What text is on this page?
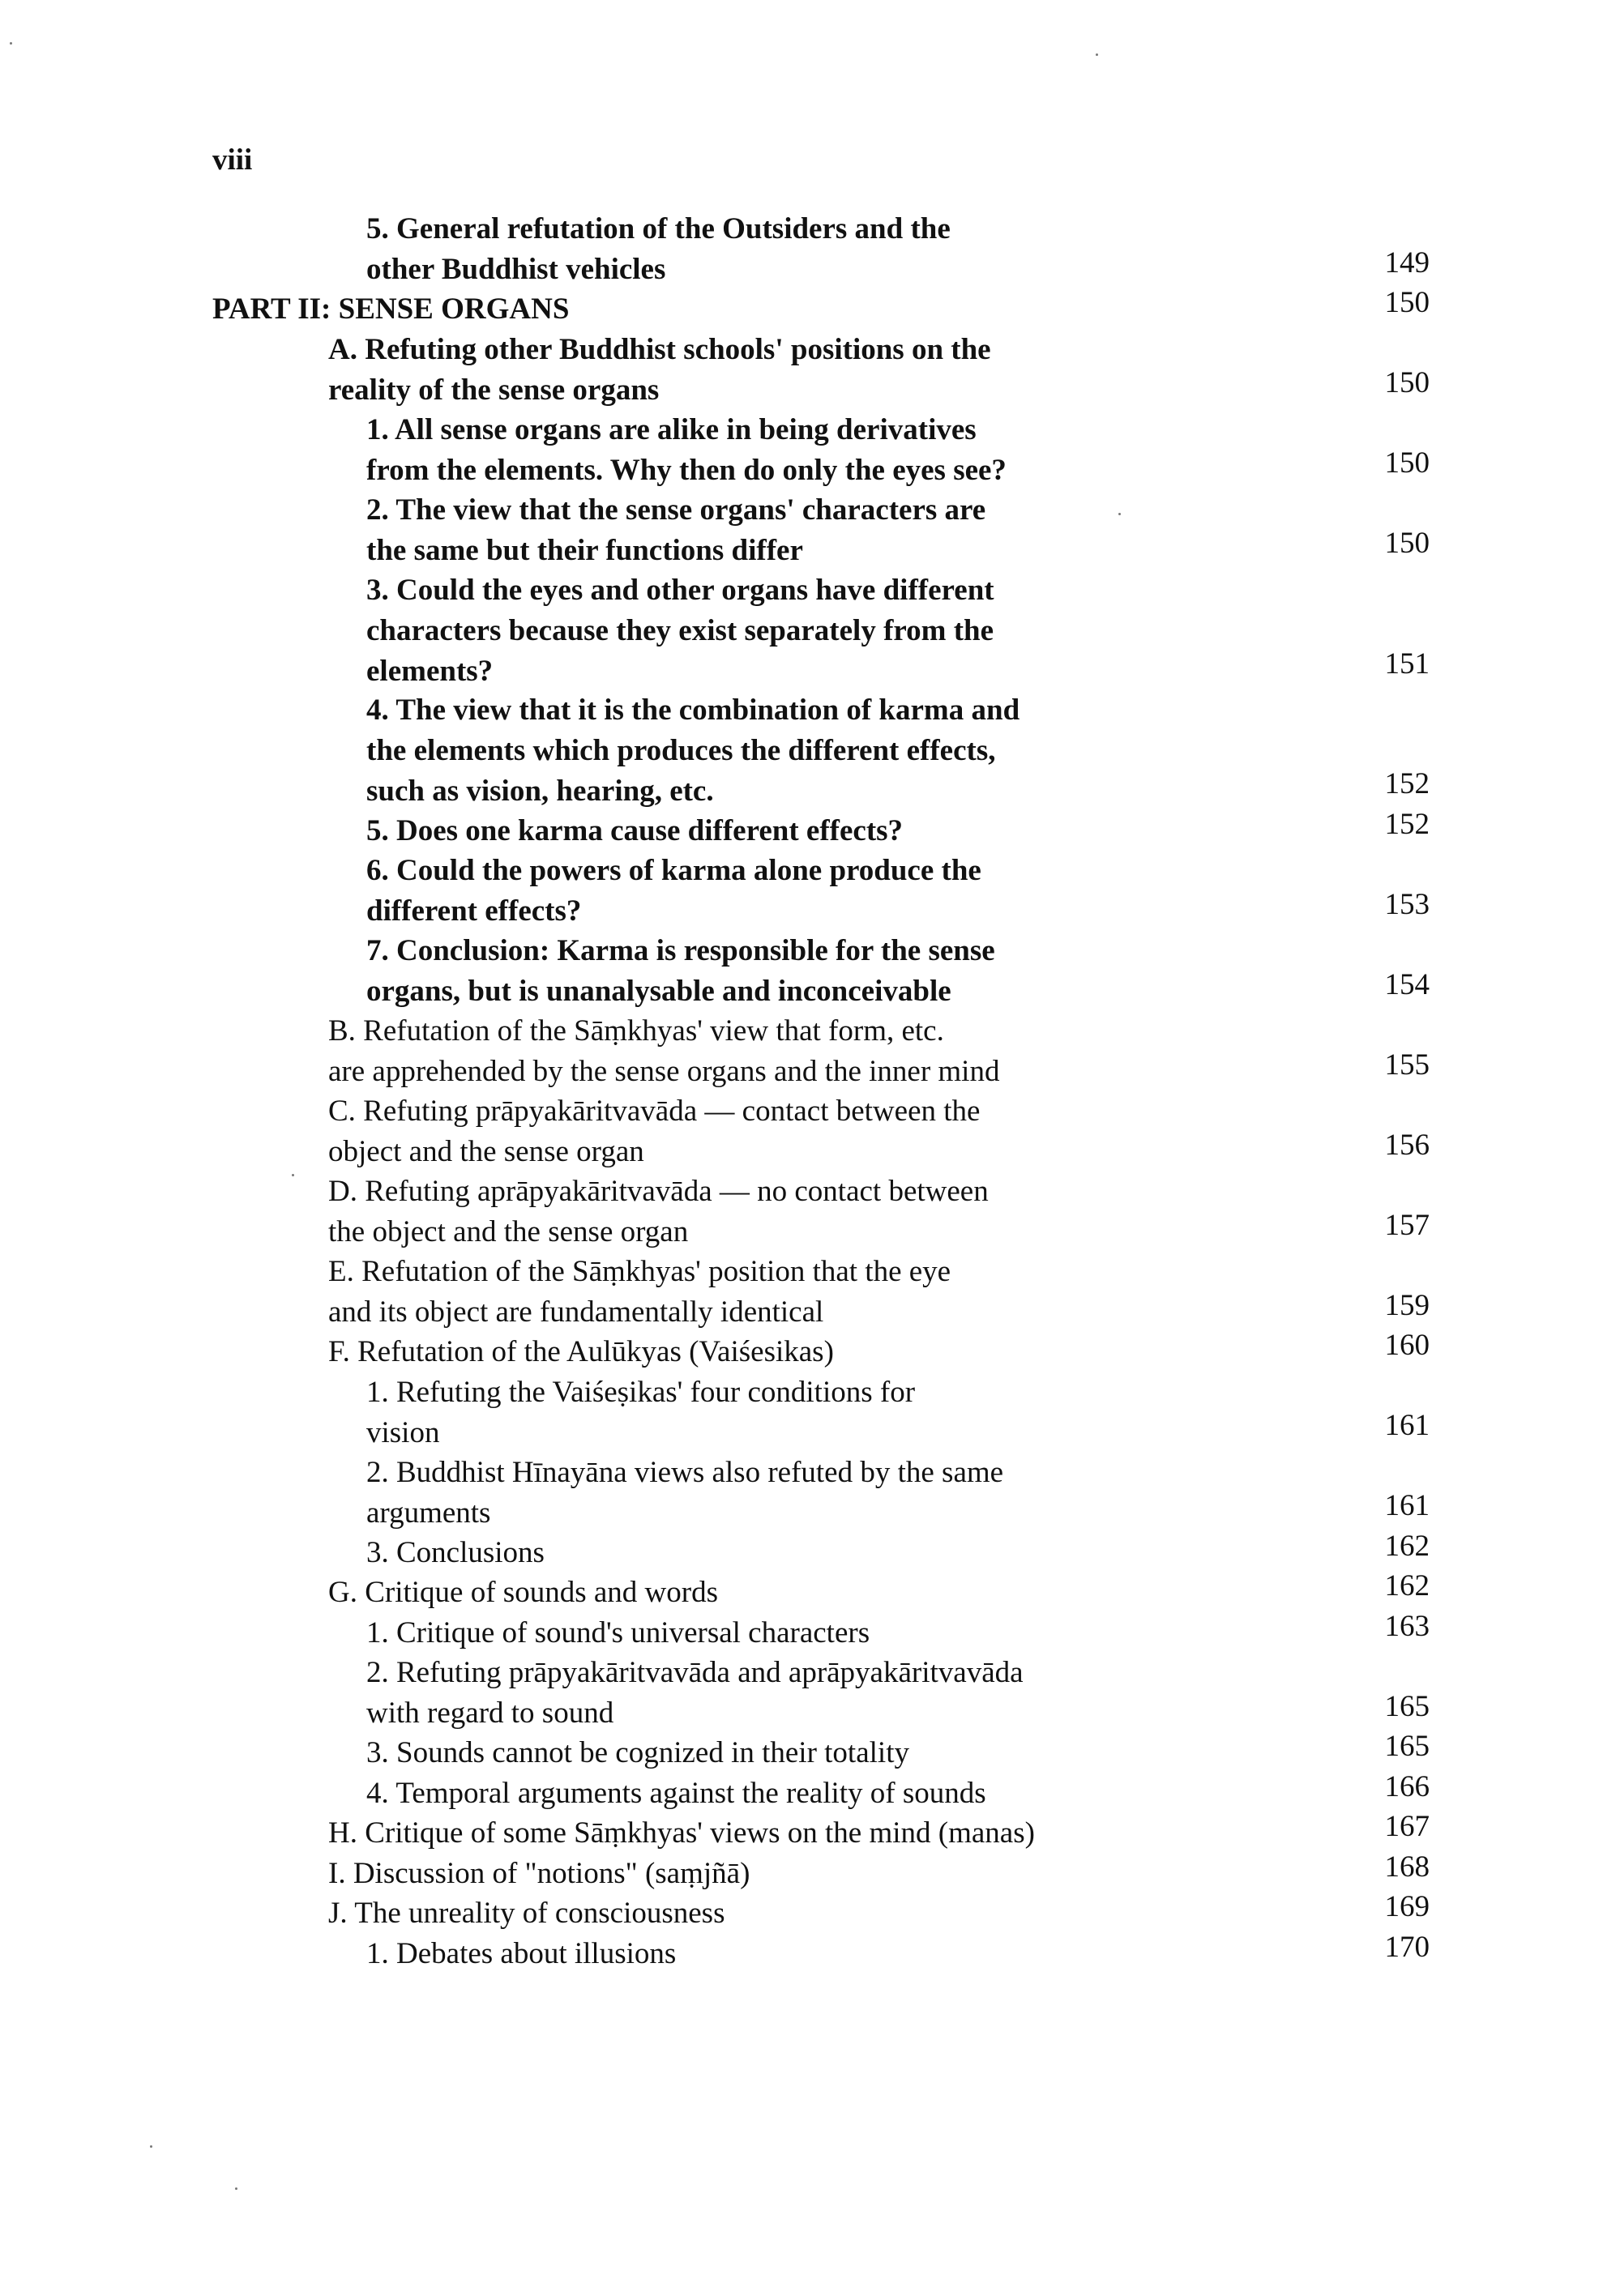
viii
5. General refutation of the Outsiders and the
other Buddhist vehicles	149
PART II: SENSE ORGANS	150
A. Refuting other Buddhist schools' positions on the
reality of the sense organs	150
1. All sense organs are alike in being derivatives
from the elements. Why then do only the eyes see?	150
2. The view that the sense organs' characters are
the same but their functions differ	150
3. Could the eyes and other organs have different
characters because they exist separately from the
elements?	151
4. The view that it is the combination of karma and
the elements which produces the different effects,
such as vision, hearing, etc.	152
5. Does one karma cause different effects?	152
6. Could the powers of karma alone produce the
different effects?	153
7. Conclusion: Karma is responsible for the sense
organs, but is unanalysable and inconceivable	154
B. Refutation of the Sāṃkhyas' view that form, etc.
are apprehended by the sense organs and the inner mind	155
C. Refuting prāpyakāritvavāda — contact between the
object and the sense organ	156
D. Refuting aprāpyakāritvavāda — no contact between
the object and the sense organ	157
E. Refutation of the Sāṃkhyas' position that the eye
and its object are fundamentally identical	159
F. Refutation of the Aulūkyas (Vaiśesikas)	160
1. Refuting the Vaiśeṣikas' four conditions for
vision	161
2. Buddhist Hīnayāna views also refuted by the same
arguments	161
3. Conclusions	162
G. Critique of sounds and words	162
1. Critique of sound's universal characters	163
2. Refuting prāpyakāritvavāda and aprāpyakāritvavāda
with regard to sound	165
3. Sounds cannot be cognized in their totality	165
4. Temporal arguments against the reality of sounds	166
H. Critique of some Sāṃkhyas' views on the mind (manas)	167
I. Discussion of "notions" (saṃjñā)	168
J. The unreality of consciousness	169
1. Debates about illusions	170
